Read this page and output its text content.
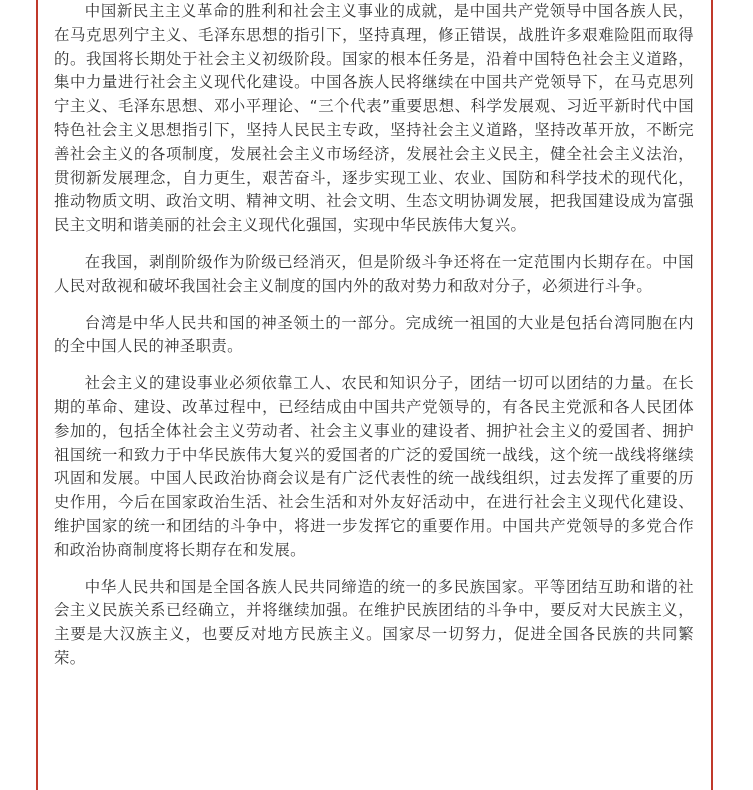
中国新民主主义革命的胜利和社会主义事业的成就，是中国共产党领导中国各族人民，在马克思列宁主义、毛泽东思想的指引下，坚持真理，修正错误，战胜许多艰难险阻而取得的。我国将长期处于社会主义初级阶段。国家的根本任务是，沿着中国特色社会主义道路，集中力量进行社会主义现代化建设。中国各族人民将继续在中国共产党领导下，在马克思列宁主义、毛泽东思想、邓小平理论、“三个代表”重要思想、科学发展观、习近平新时代中国特色社会主义思想指引下，坚持人民民主专政，坚持社会主义道路，坚持改革开放，不断完善社会主义的各项制度，发展社会主义市场经济，发展社会主义民主，健全社会主义法治，贯彻新发展理念，自力更生，艰苦奋斗，逐步实现工业、农业、国防和科学技术的现代化，推动物质文明、政治文明、精神文明、社会文明、生态文明协调发展，把我国建设成为富强民主文明和谐美丽的社会主义现代化强国，实现中华民族伟大复兴。

在我国，剥削阶级作为阶级已经消灭，但是阶级斗争还将在一定范围内长期存在。中国人民对敌视和破坏我国社会主义制度的国内外的敌对势力和敌对分子，必须进行斗争。

台湾是中华人民共和国的神圣领土的一部分。完成统一祖国的大业是包括台湾同胞在内的全中国人民的神圣职责。

社会主义的建设事业必须依靠工人、农民和知识分子，团结一切可以团结的力量。在长期的革命、建设、改革过程中，已经结成由中国共产党领导的，有各民主党派和各人民团体参加的，包括全体社会主义劳动者、社会主义事业的建设者、拥护社会主义的爱国者、拥护祖国统一和致力于中华民族伟大复兴的爱国者的广泛的爱国统一战线，这个统一战线将继续巩固和发展。中国人民政治协商会议是有广泛代表性的统一战线组织，过去发挥了重要的历史作用，今后在国家政治生活、社会生活和对外友好活动中，在进行社会主义现代化建设、维护国家的统一和团结的斗争中，将进一步发挥它的重要作用。中国共产党领导的多党合作和政治协商制度将长期存在和发展。

中华人民共和国是全国各族人民共同缔造的统一的多民族国家。平等团结互助和谐的社会主义民族关系已经确立，并将继续加强。在维护民族团结的斗争中，要反对大民族主义，主要是大汉族主义，也要反对地方民族主义。国家尽一切努力，促进全国各民族的共同繁荣。
